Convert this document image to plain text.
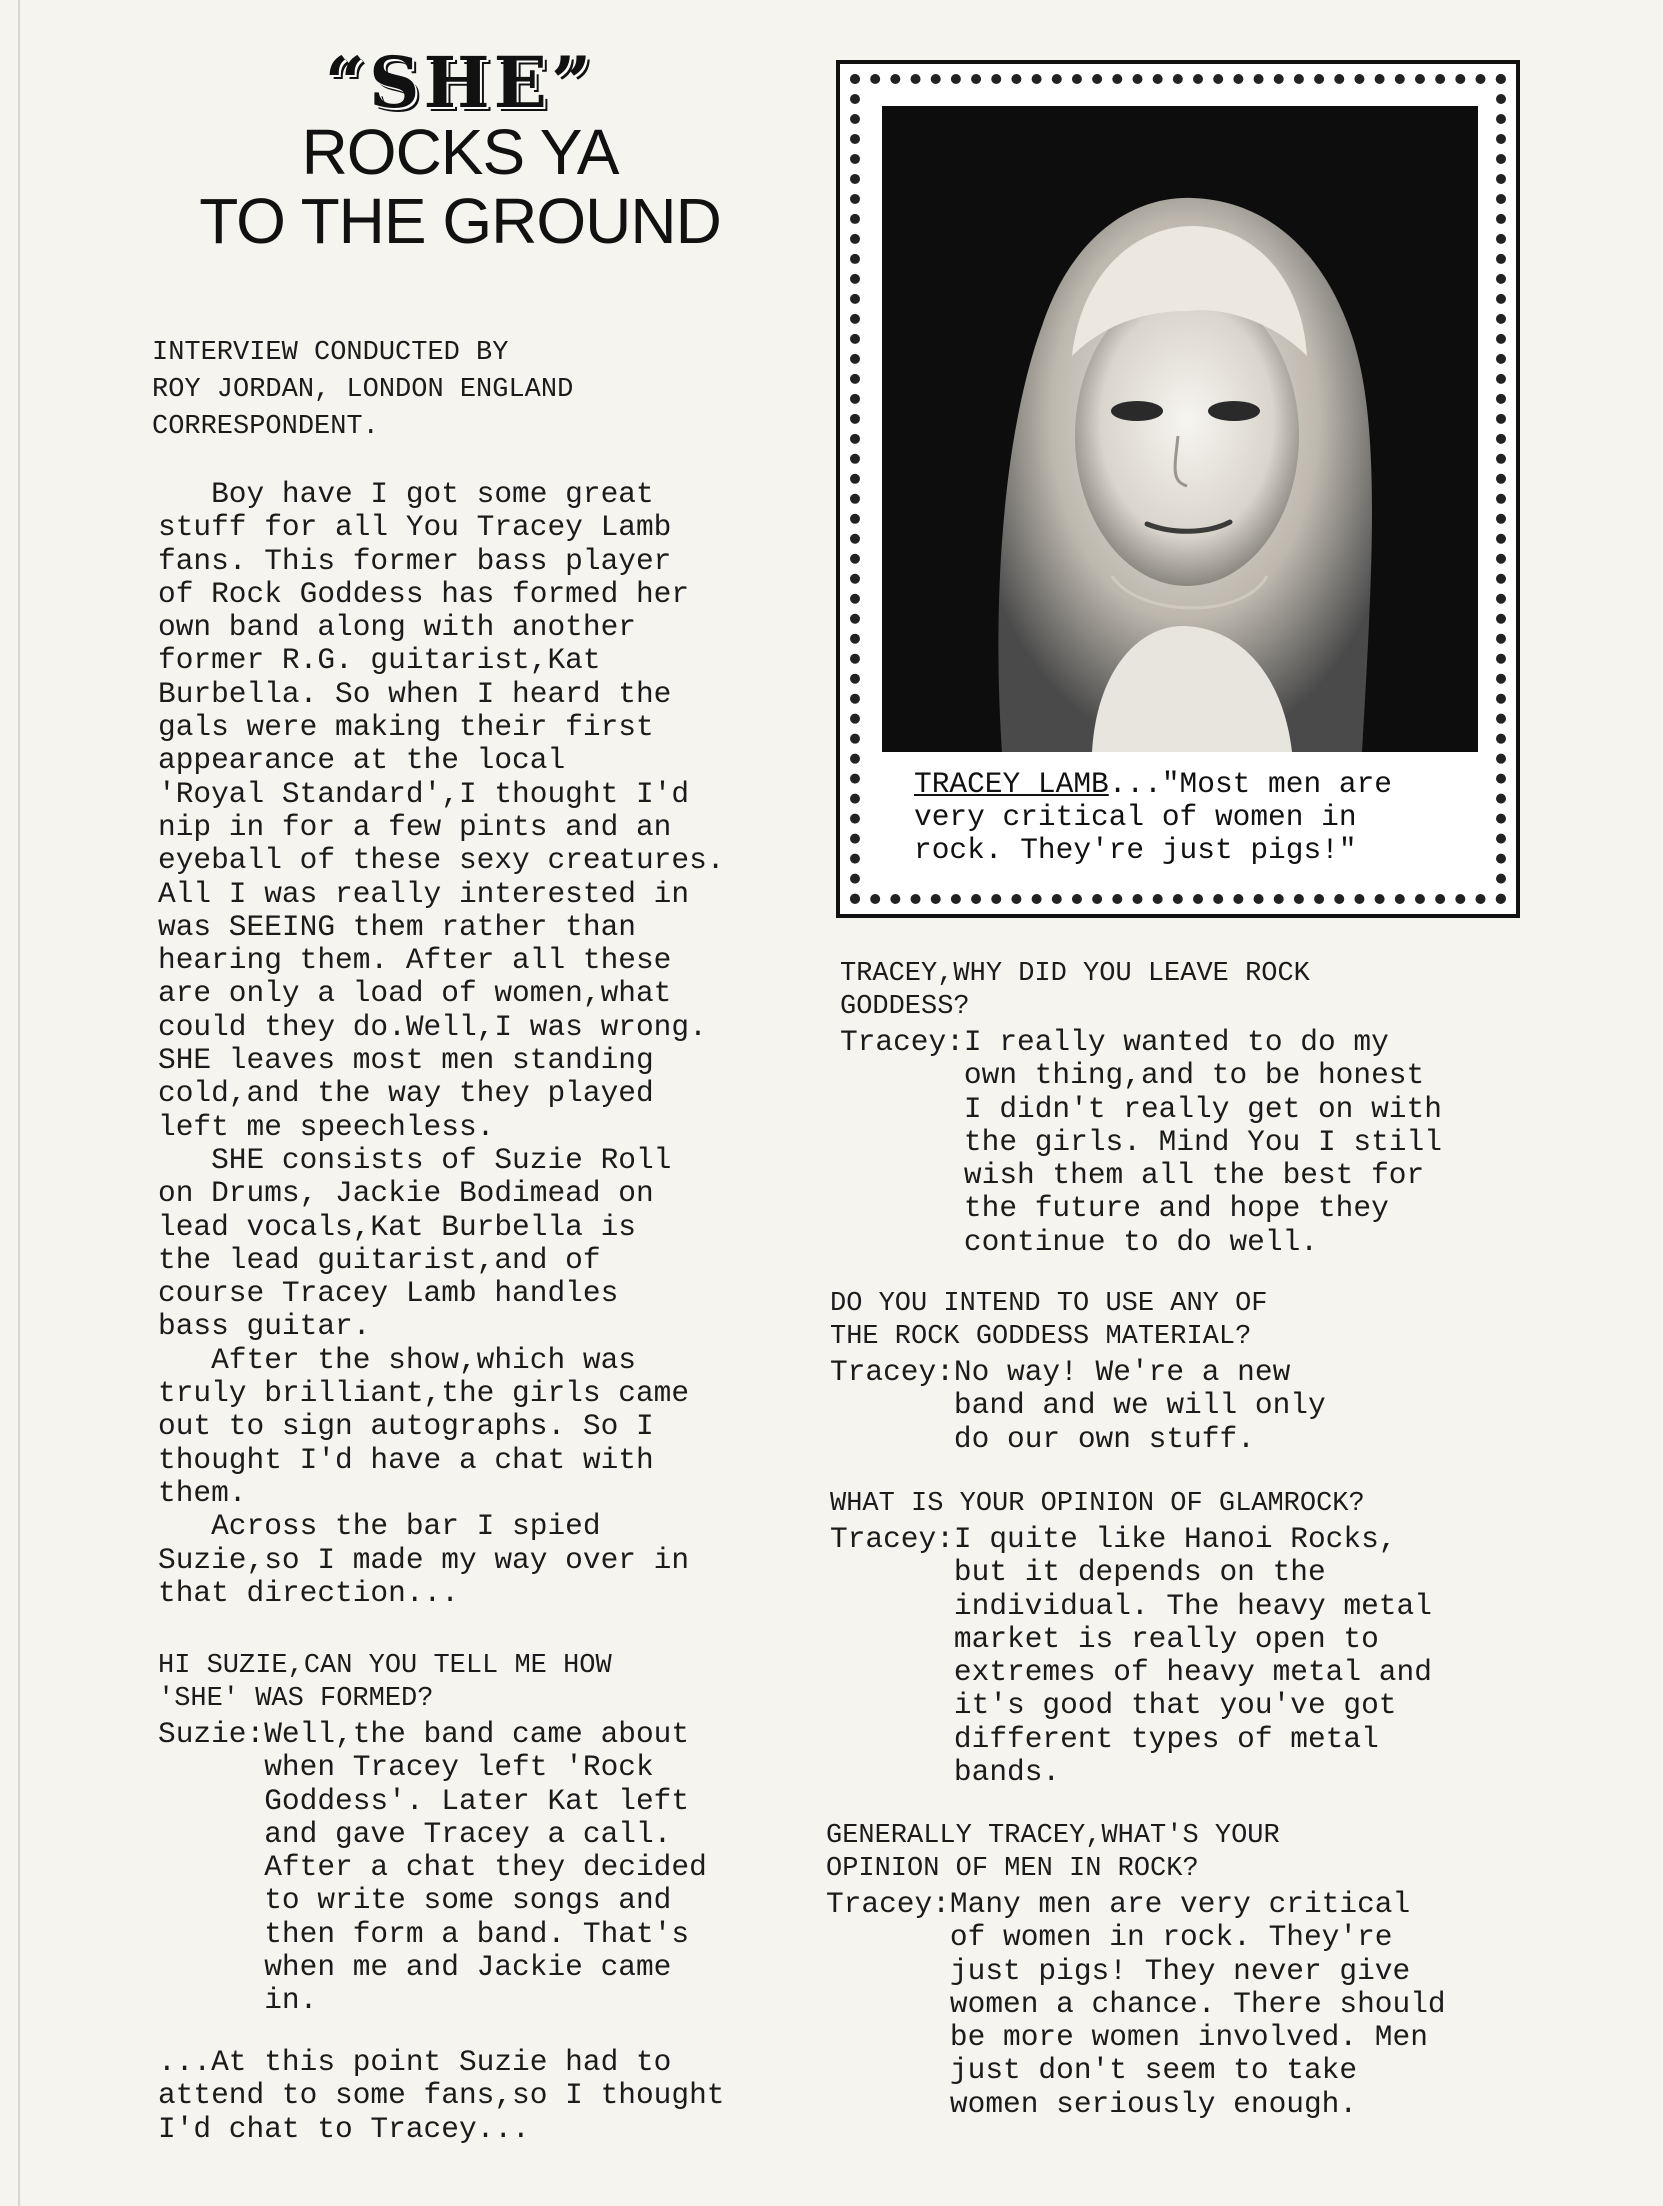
“SHE”
ROCKS YA
TO THE GROUND
INTERVIEW CONDUCTED BY
ROY JORDAN, LONDON ENGLAND
CORRESPONDENT.
Boy have I got some great
stuff for all You Tracey Lamb
fans. This former bass player
of Rock Goddess has formed her
own band along with another
former R.G. guitarist,Kat
Burbella. So when I heard the
gals were making their first
appearance at the local
'Royal Standard',I thought I'd
nip in for a few pints and an
eyeball of these sexy creatures.
All I was really interested in
was SEEING them rather than
hearing them. After all these
are only a load of women,what
could they do.Well,I was wrong.
SHE leaves most men standing
cold,and the way they played
left me speechless.
SHE consists of Suzie Roll
on Drums, Jackie Bodimead on
lead vocals,Kat Burbella is
the lead guitarist,and of
course Tracey Lamb handles
bass guitar.
After the show,which was
truly brilliant,the girls came
out to sign autographs. So I
thought I'd have a chat with
them.
Across the bar I spied
Suzie,so I made my way over in
that direction...
HI SUZIE,CAN YOU TELL ME HOW
'SHE' WAS FORMED?
Suzie: Well,the band came about
when Tracey left 'Rock
Goddess'. Later Kat left
and gave Tracey a call.
After a chat they decided
to write some songs and
then form a band. That's
when me and Jackie came
in.
...At this point Suzie had to
attend to some fans,so I thought
I'd chat to Tracey...
TRACEY LAMB..."Most men are
very critical of women in
rock. They're just pigs!"
TRACEY,WHY DID YOU LEAVE ROCK
GODDESS?
Tracey: I really wanted to do my
own thing,and to be honest
I didn't really get on with
the girls. Mind You I still
wish them all the best for
the future and hope they
continue to do well.
DO YOU INTEND TO USE ANY OF
THE ROCK GODDESS MATERIAL?
Tracey: No way! We're a new
band and we will only
do our own stuff.
WHAT IS YOUR OPINION OF GLAMROCK?
Tracey: I quite like Hanoi Rocks,
but it depends on the
individual. The heavy metal
market is really open to
extremes of heavy metal and
it's good that you've got
different types of metal
bands.
GENERALLY TRACEY,WHAT'S YOUR
OPINION OF MEN IN ROCK?
Tracey: Many men are very critical
of women in rock. They're
just pigs! They never give
women a chance. There should
be more women involved. Men
just don't seem to take
women seriously enough.
